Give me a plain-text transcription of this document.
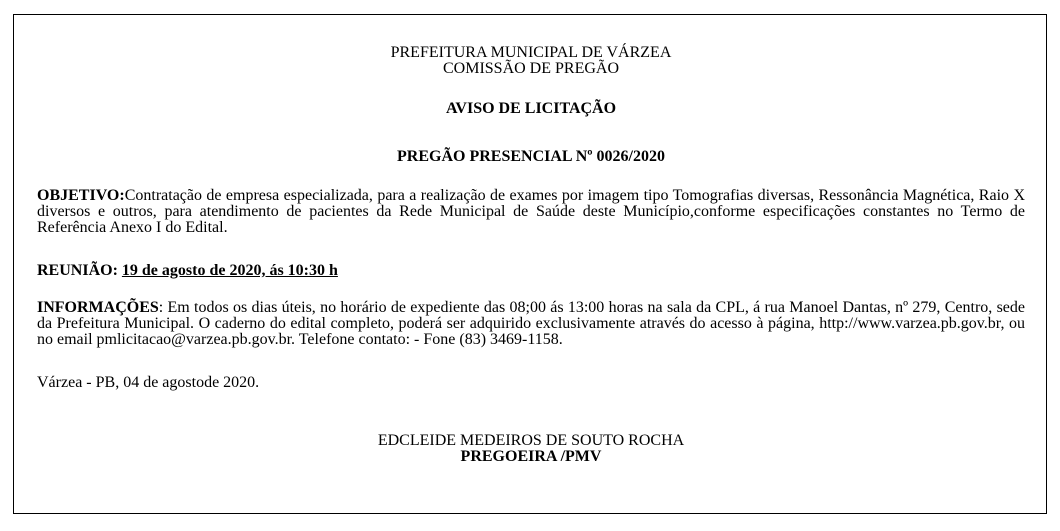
PREFEITURA MUNICIPAL DE VÁRZEA
COMISSÃO DE PREGÃO
AVISO DE LICITAÇÃO
PREGÃO PRESENCIAL Nº 0026/2020
OBJETIVO:Contratação de empresa especializada, para a realização de exames por imagem tipo Tomografias diversas, Ressonância Magnética, Raio X diversos e outros, para atendimento de pacientes da Rede Municipal de Saúde deste Município,conforme especificações constantes no Termo de Referência Anexo I do Edital.
REUNIÃO: 19 de agosto de 2020, ás 10:30 h
INFORMAÇÕES: Em todos os dias úteis, no horário de expediente das 08;00 ás 13:00 horas na sala da CPL, á rua Manoel Dantas, nº 279, Centro, sede da Prefeitura Municipal. O caderno do edital completo, poderá ser adquirido exclusivamente através do acesso à página, http://www.varzea.pb.gov.br, ou no email pmlicitacao@varzea.pb.gov.br. Telefone contato: - Fone (83) 3469-1158.
Várzea - PB, 04 de agostode 2020.
EDCLEIDE MEDEIROS DE SOUTO ROCHA
PREGOEIRA /PMV
